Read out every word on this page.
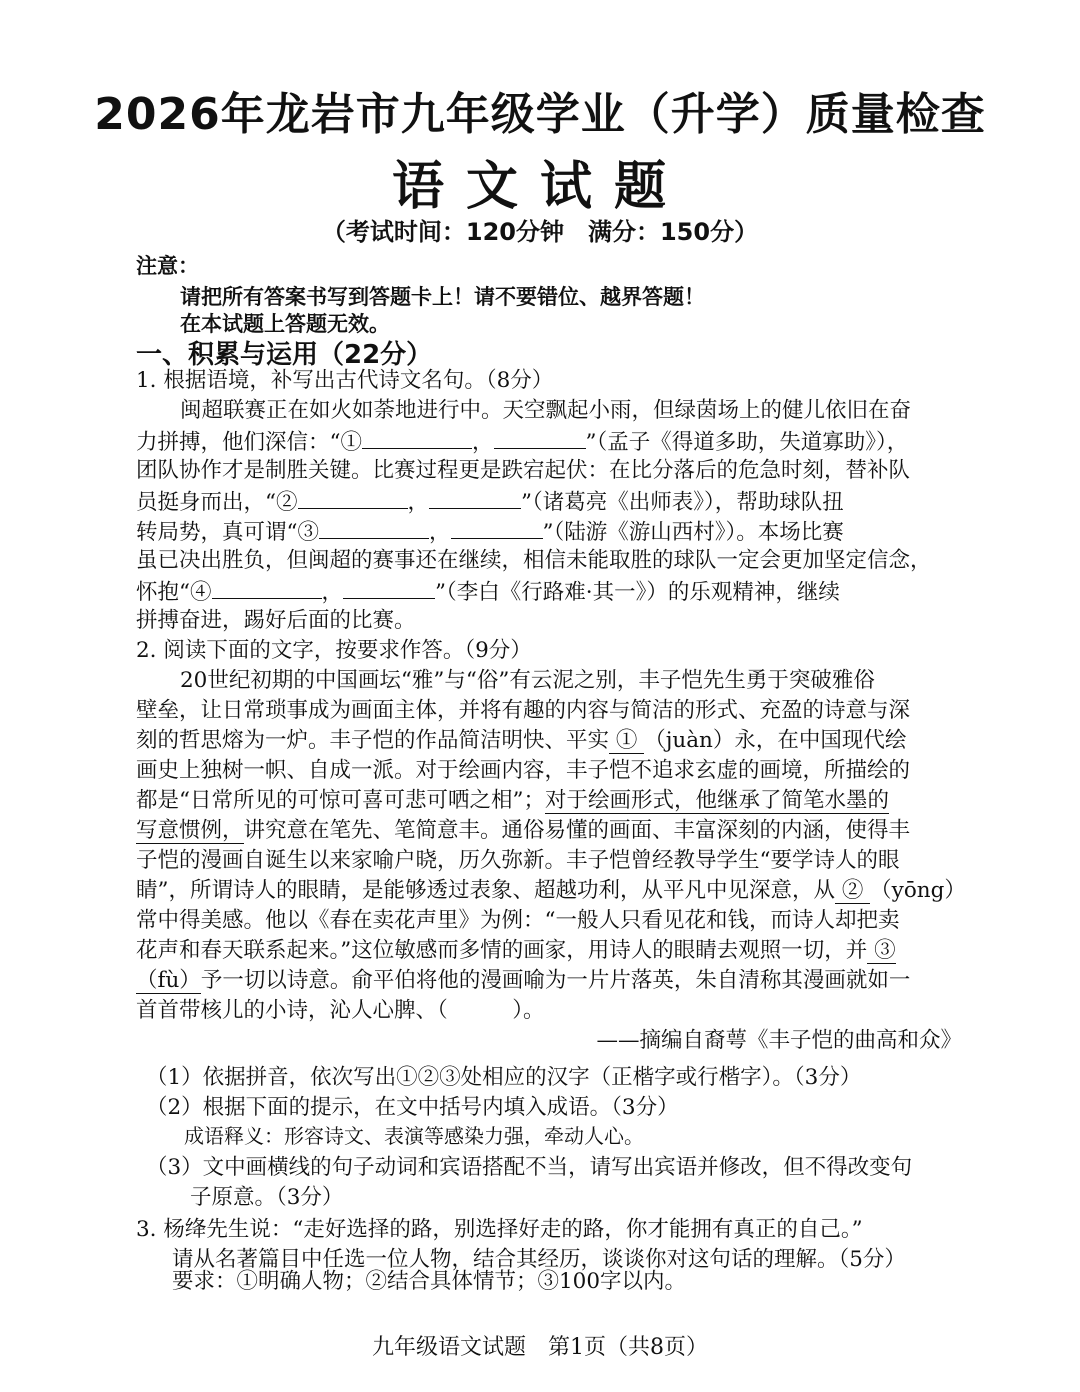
2026年龙岩市九年级学业（升学）质量检查
语文试题
（考试时间：120分钟　满分：150分）
注意：
请把所有答案书写到答题卡上！请不要错位、越界答题！
在本试题上答题无效。
一、积累与运用（22分）
1. 根据语境，补写出古代诗文名句。（8分）
闽超联赛正在如火如荼地进行中。天空飘起小雨，但绿茵场上的健儿依旧在奋
力拼搏，他们深信：“①	，	”（孟子《得道多助，失道寡助》），
团队协作才是制胜关键。比赛过程更是跌宕起伏：在比分落后的危急时刻，替补队
员挺身而出，“②	，	”（诸葛亮《出师表》），帮助球队扭
转局势，真可谓“③	，	”（陆游《游山西村》）。本场比赛
虽已决出胜负，但闽超的赛事还在继续，相信未能取胜的球队一定会更加坚定信念，
怀抱“④	，	”（李白《行路难·其一》）的乐观精神，继续
拼搏奋进，踢好后面的比赛。
2. 阅读下面的文字，按要求作答。（9分）
20世纪初期的中国画坛“雅”与“俗”有云泥之别，丰子恺先生勇于突破雅俗
壁垒，让日常琐事成为画面主体，并将有趣的内容与简洁的形式、充盈的诗意与深
刻的哲思熔为一炉。丰子恺的作品简洁明快、平实 ① （juàn）永，在中国现代绘
画史上独树一帜、自成一派。对于绘画内容，丰子恺不追求玄虚的画境，所描绘的
都是“日常所见的可惊可喜可悲可哂之相”；对于绘画形式，他继承了简笔水墨的
写意惯例，讲究意在笔先、笔简意丰。通俗易懂的画面、丰富深刻的内涵，使得丰
子恺的漫画自诞生以来家喻户晓，历久弥新。丰子恺曾经教导学生“要学诗人的眼
睛”，所谓诗人的眼睛，是能够透过表象、超越功利，从平凡中见深意，从 ② （yōng）
常中得美感。他以《春在卖花声里》为例：“一般人只看见花和钱，而诗人却把卖
花声和春天联系起来。”这位敏感而多情的画家，用诗人的眼睛去观照一切，并 ③
（fù）予一切以诗意。俞平伯将他的漫画喻为一片片落英，朱自清称其漫画就如一
首首带核儿的小诗，沁人心脾、（　　　）。
——摘编自裔萼《丰子恺的曲高和众》
（1）依据拼音，依次写出①②③处相应的汉字（正楷字或行楷字）。（3分）
（2）根据下面的提示，在文中括号内填入成语。（3分）
成语释义：形容诗文、表演等感染力强，牵动人心。
（3）文中画横线的句子动词和宾语搭配不当，请写出宾语并修改，但不得改变句
子原意。（3分）
3. 杨绛先生说：“走好选择的路，别选择好走的路，你才能拥有真正的自己。”
请从名著篇目中任选一位人物，结合其经历，谈谈你对这句话的理解。（5分）
要求：①明确人物；②结合具体情节；③100字以内。
九年级语文试题　第1页（共8页）
